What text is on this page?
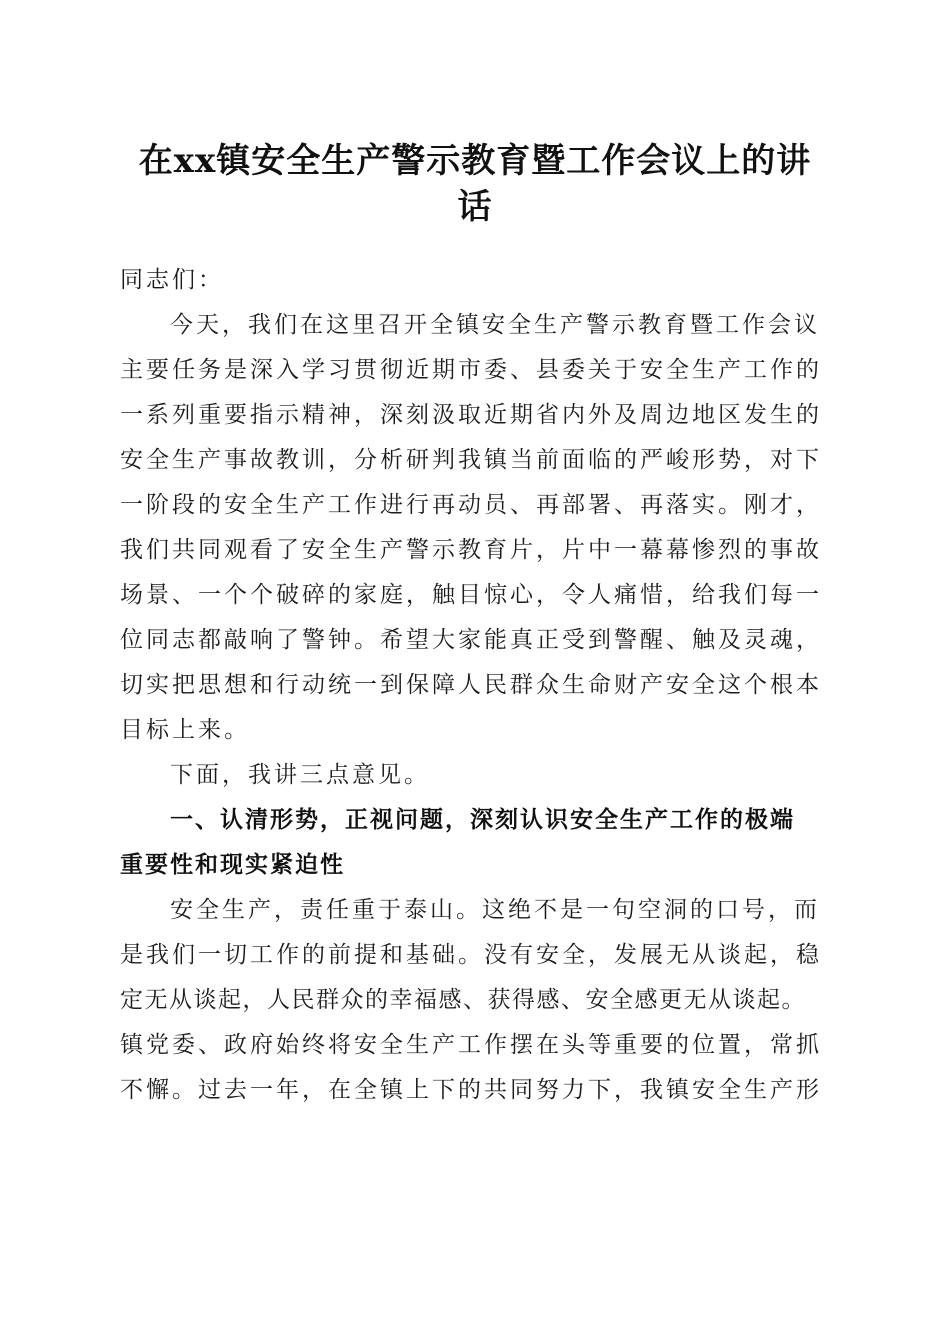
在xx镇安全生产警示教育暨工作会议上的讲
话
同志们：
今天，我们在这里召开全镇安全生产警示教育暨工作会议
主要任务是深入学习贯彻近期市委、县委关于安全生产工作的
一系列重要指示精神，深刻汲取近期省内外及周边地区发生的
安全生产事故教训，分析研判我镇当前面临的严峻形势，对下
一阶段的安全生产工作进行再动员、再部署、再落实。刚才，
我们共同观看了安全生产警示教育片，片中一幕幕惨烈的事故
场景、一个个破碎的家庭，触目惊心，令人痛惜，给我们每一
位同志都敲响了警钟。希望大家能真正受到警醒、触及灵魂，
切实把思想和行动统一到保障人民群众生命财产安全这个根本
目标上来。
下面，我讲三点意见。
一、认清形势，正视问题，深刻认识安全生产工作的极端
重要性和现实紧迫性
安全生产，责任重于泰山。这绝不是一句空洞的口号，而
是我们一切工作的前提和基础。没有安全，发展无从谈起，稳
定无从谈起，人民群众的幸福感、获得感、安全感更无从谈起。
镇党委、政府始终将安全生产工作摆在头等重要的位置，常抓
不懈。过去一年，在全镇上下的共同努力下，我镇安全生产形
